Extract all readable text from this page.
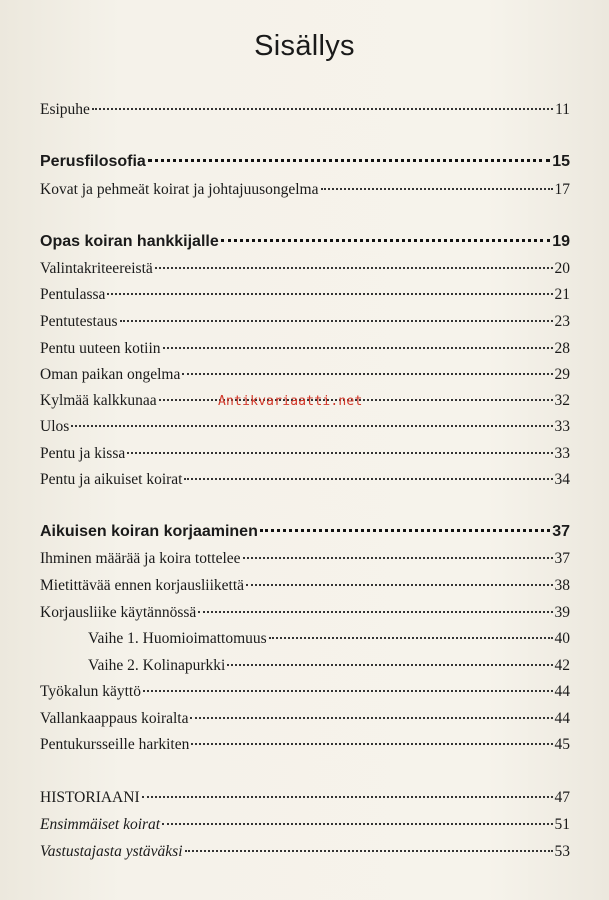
Sisällys
Esipuhe	11
Perusfilosofia	15
Kovat ja pehmeät koirat ja johtajuusongelma	17
Opas koiran hankkijalle	19
Valintakriteereistä	20
Pentulassa	21
Pentutestaus	23
Pentu uuteen kotiin	28
Oman paikan ongelma	29
Kylmää kalkkunaa	32
Ulos	33
Pentu ja kissa	33
Pentu ja aikuiset koirat	34
Aikuisen koiran korjaaminen	37
Ihminen määrää ja koira tottelee	37
Mietittävää ennen korjausliikettä	38
Korjausliike käytännössä	39
Vaihe 1. Huomioimattomuus	40
Vaihe 2. Kolinapurkki	42
Työkalun käyttö	44
Vallankaappaus koiralta	44
Pentukursseille harkiten	45
HISTORIAANI	47
Ensimmäiset koirat	51
Vastustajasta ystäväksi	53
Antikvariaatti.net
